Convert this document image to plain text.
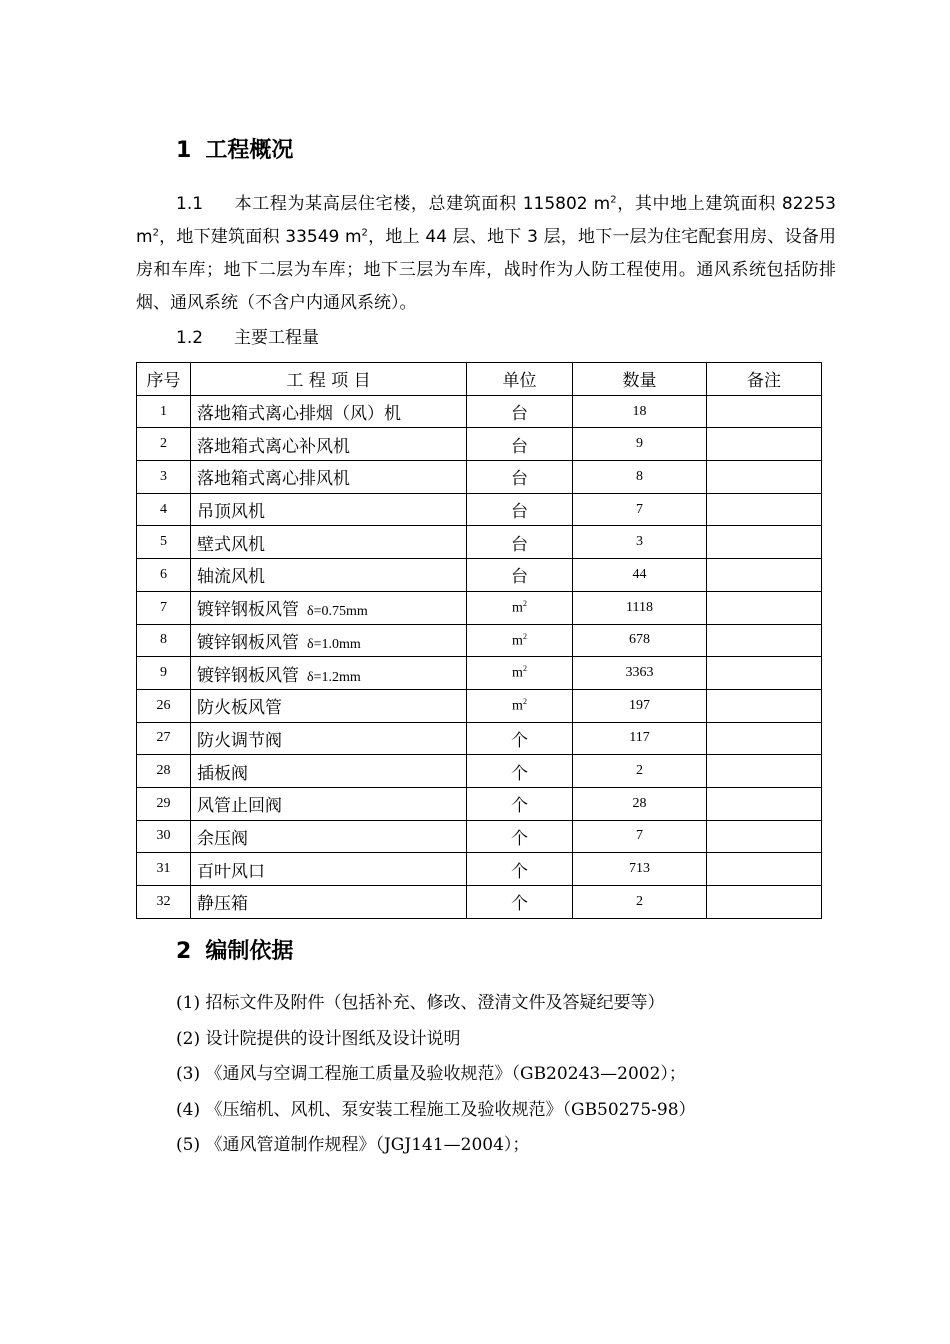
1 工程概况

1.1 本工程为某高层住宅楼，总建筑面积 115802 $m^2$，其中地上建筑面积 82253 $m^2$，地下建筑面积 33549 $m^2$，地上 44 层、地下 3 层，地下一层为住宅配套用房、设备用房和车库；地下二层为车库；地下三层为车库，战时作为人防工程使用。通风系统包括防排烟、通风系统（不含户内通风系统）。

1.2 主要工程量
序号	工 程 项 目	单位	数量	备注
1	落地箱式离心排烟（风）机	台	18	
2	落地箱式离心补风机	台	9	
3	落地箱式离心排风机	台	8	
4	吊顶风机	台	7	
5	壁式风机	台	3	
6	轴流风机	台	44	
7	镀锌钢板风管 δ=0.75mm	$m^2$	1118	
8	镀锌钢板风管 δ=1.0mm	$m^2$	678	
9	镀锌钢板风管 δ=1.2mm	$m^2$	3363	
26	防火板风管	$m^2$	197	
27	防火调节阀	个	117	
28	插板阀	个	2	
29	风管止回阀	个	28	
30	余压阀	个	7	
31	百叶风口	个	713	
32	静压箱	个	2	
2 编制依据
(1) 招标文件及附件（包括补充、修改、澄清文件及答疑纪要等）
(2) 设计院提供的设计图纸及设计说明
(3) 《通风与空调工程施工质量及验收规范》（GB20243—2002）；
(4) 《压缩机、风机、泵安装工程施工及验收规范》（GB50275-98）
(5) 《通风管道制作规程》（JGJ141—2004）；
